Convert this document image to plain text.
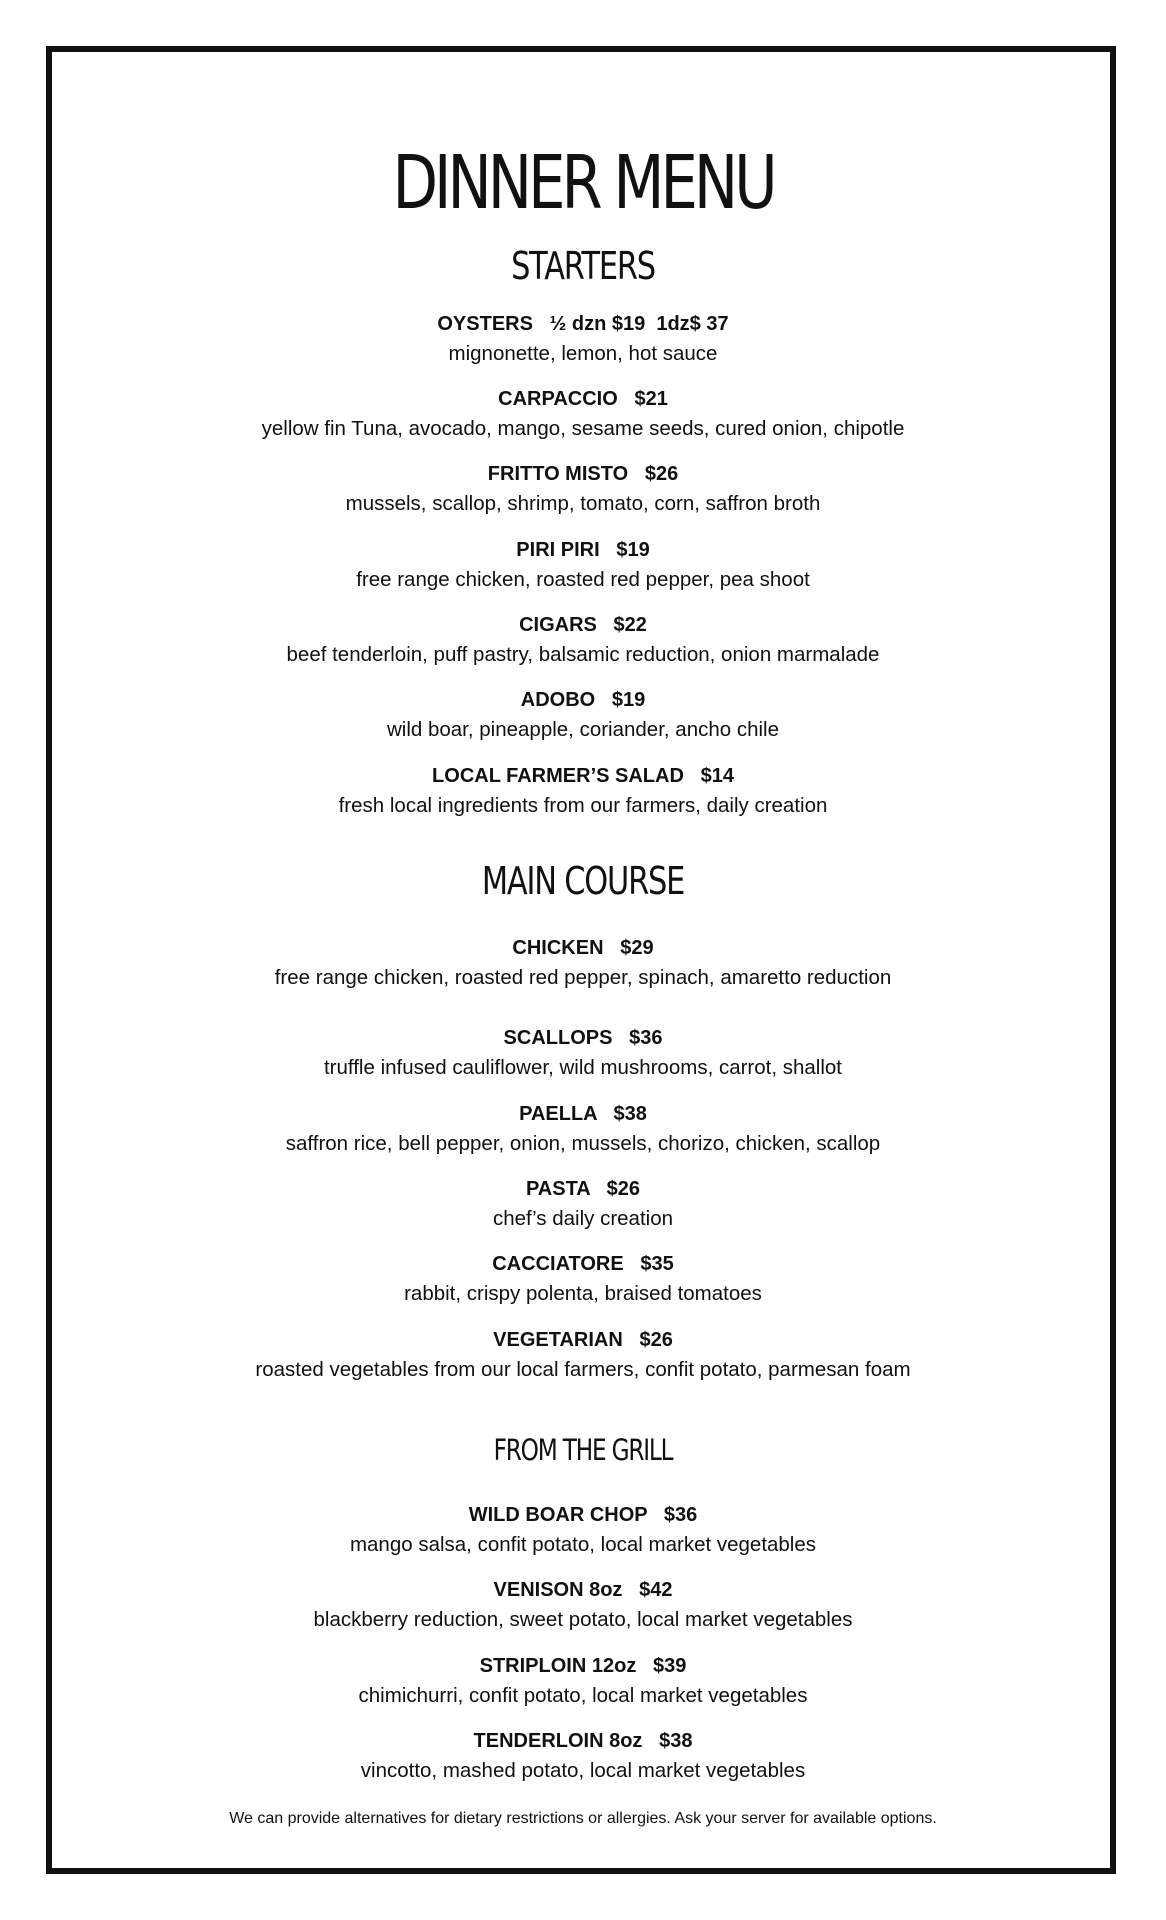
DINNER MENU
STARTERS
OYSTERS   ½ dzn $19  1dz$ 37
mignonette, lemon, hot sauce
CARPACCIO   $21
yellow fin Tuna, avocado, mango, sesame seeds, cured onion, chipotle
FRITTO MISTO   $26
mussels, scallop, shrimp, tomato, corn, saffron broth
PIRI PIRI   $19
free range chicken, roasted red pepper, pea shoot
CIGARS   $22
beef tenderloin, puff pastry, balsamic reduction, onion marmalade
ADOBO   $19
wild boar, pineapple, coriander, ancho chile
LOCAL FARMER’S SALAD   $14
fresh local ingredients from our farmers, daily creation
MAIN COURSE
CHICKEN   $29
free range chicken, roasted red pepper, spinach, amaretto reduction
SCALLOPS   $36
truffle infused cauliflower, wild mushrooms, carrot, shallot
PAELLA   $38
saffron rice, bell pepper, onion, mussels, chorizo, chicken, scallop
PASTA   $26
chef’s daily creation
CACCIATORE   $35
rabbit, crispy polenta, braised tomatoes
VEGETARIAN   $26
roasted vegetables from our local farmers, confit potato, parmesan foam
FROM THE GRILL
WILD BOAR CHOP   $36
mango salsa, confit potato, local market vegetables
VENISON 8oz   $42
blackberry reduction, sweet potato, local market vegetables
STRIPLOIN 12oz   $39
chimichurri, confit potato, local market vegetables
TENDERLOIN 8oz   $38
vincotto, mashed potato, local market vegetables
We can provide alternatives for dietary restrictions or allergies. Ask your server for available options.
